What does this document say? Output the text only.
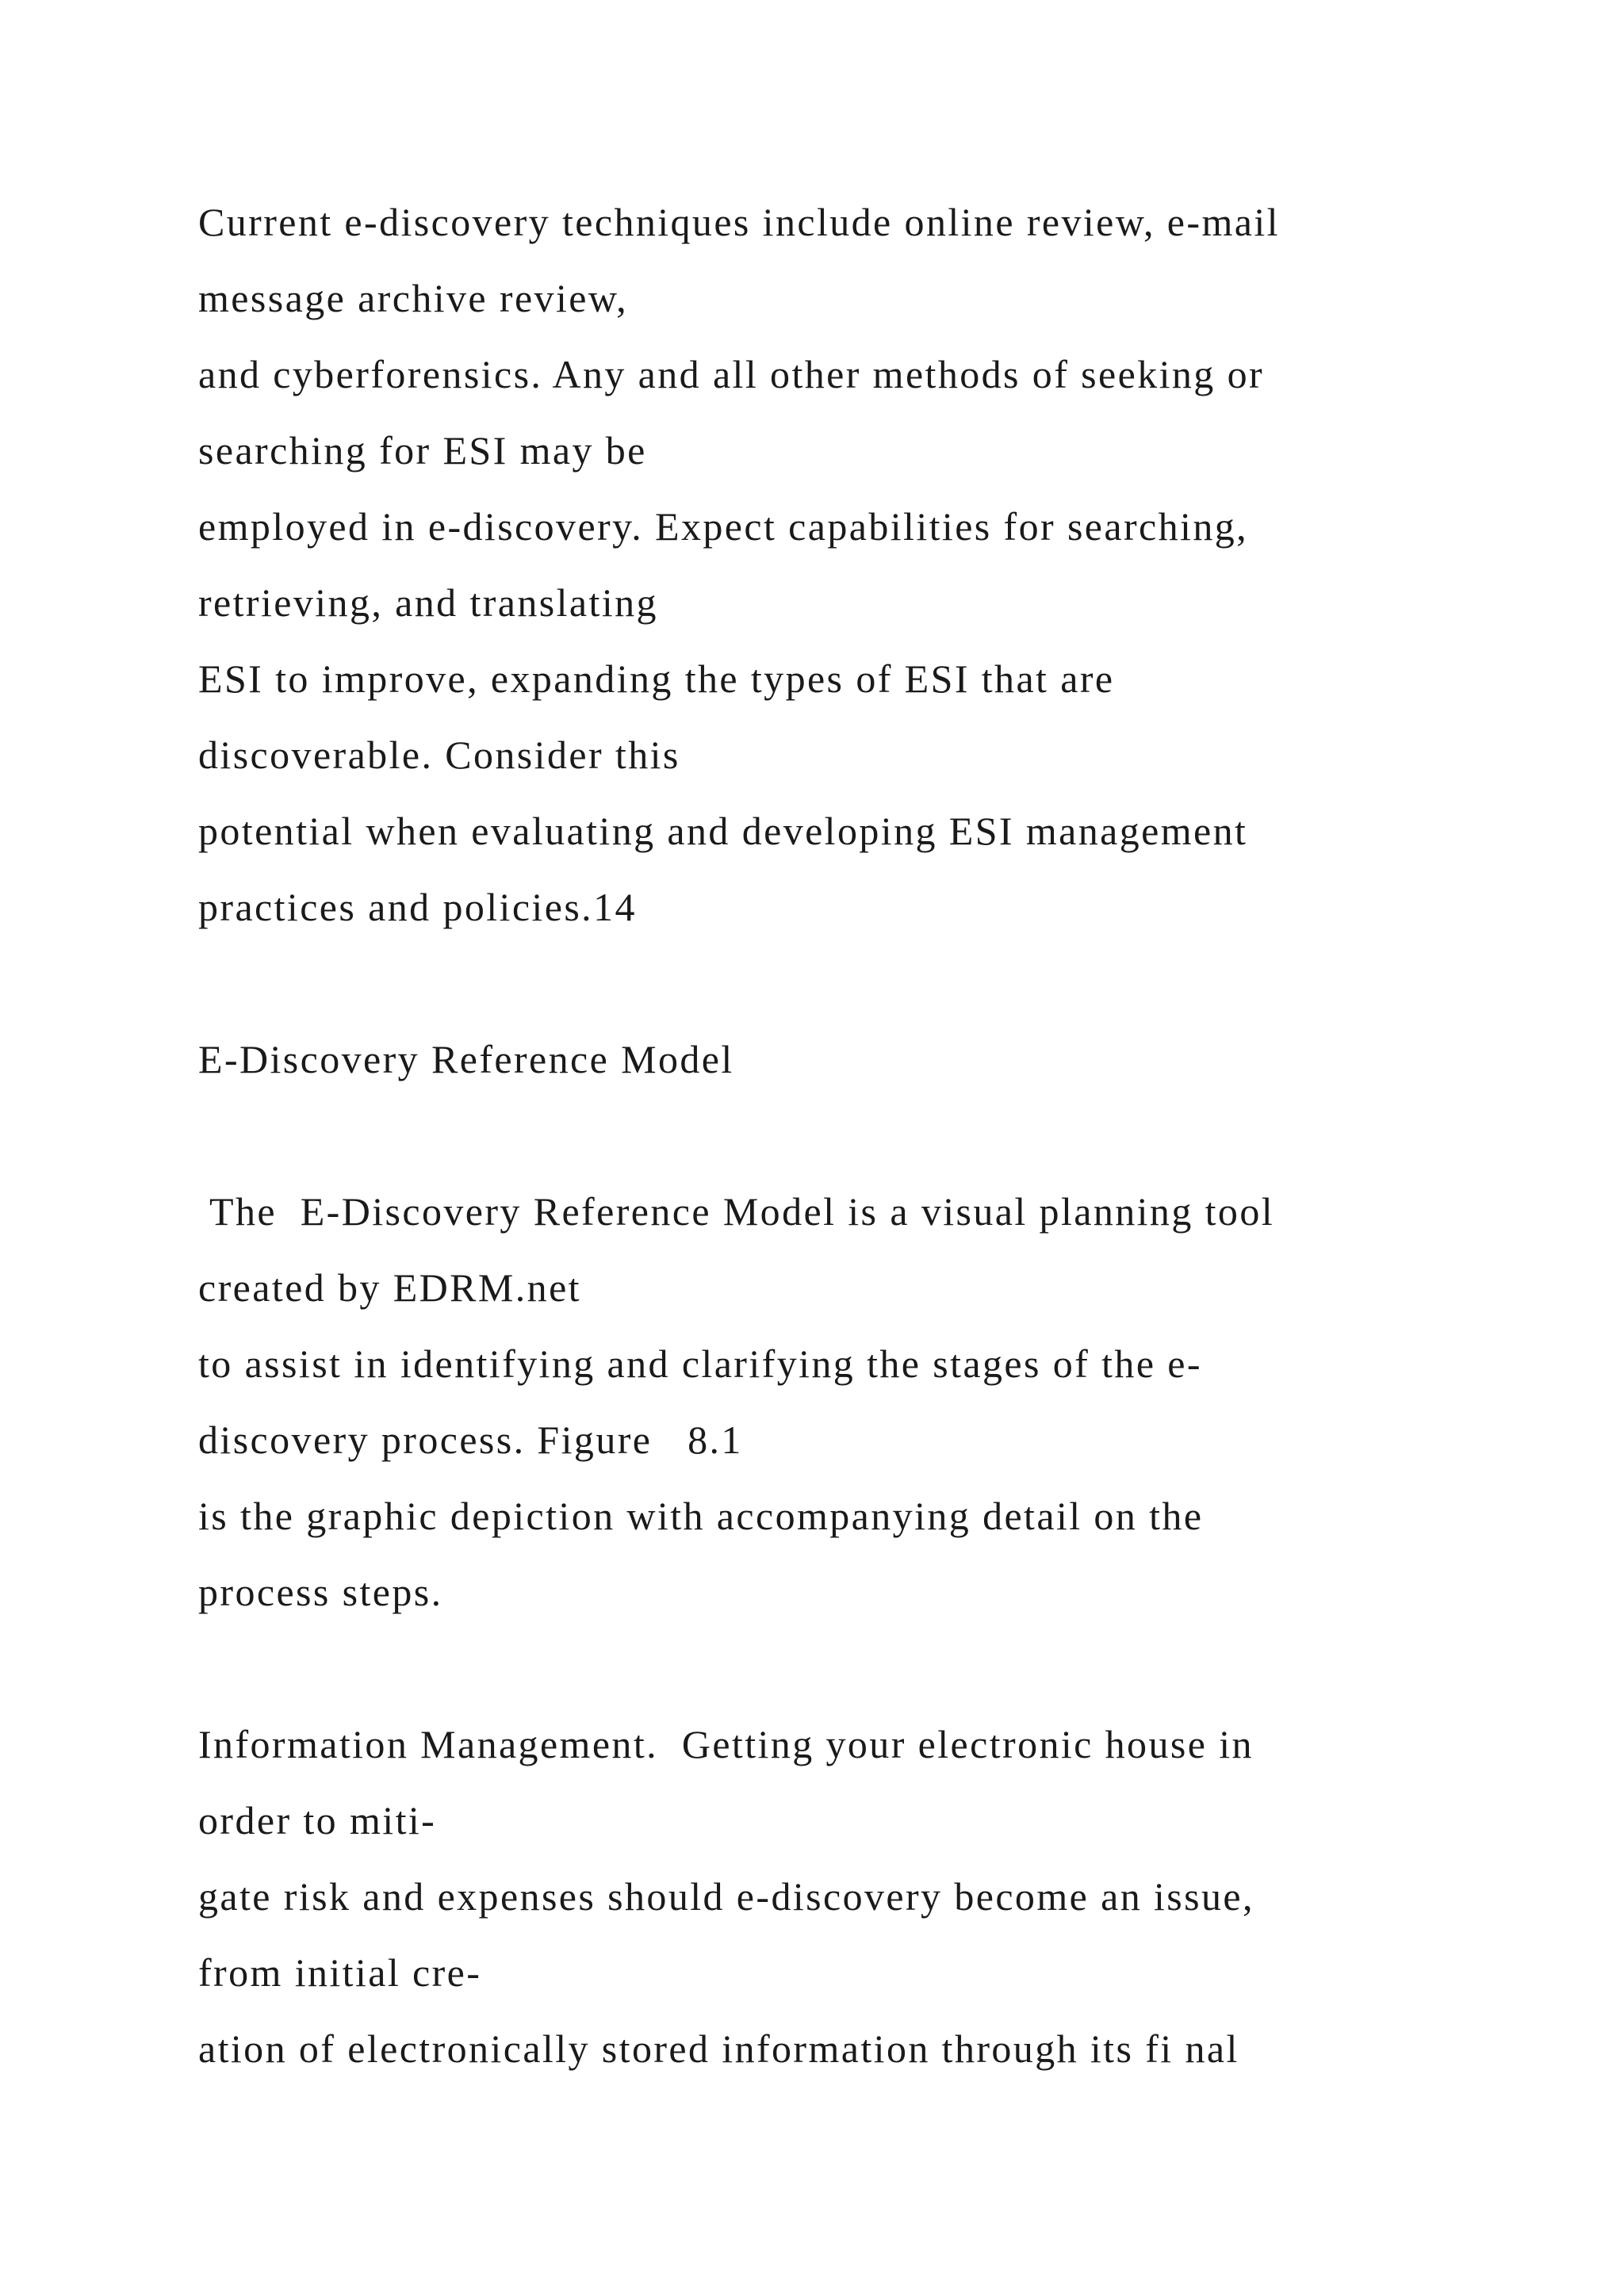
Current e-discovery techniques include online review, e-mail
message archive review,
and cyberforensics. Any and all other methods of seeking or
searching for ESI may be
employed in e-discovery. Expect capabilities for searching,
retrieving, and translating
ESI to improve, expanding the types of ESI that are
discoverable. Consider this
potential when evaluating and developing ESI management
practices and policies.14
E-Discovery Reference Model
The  E-Discovery Reference Model is a visual planning tool
created by EDRM.net
to assist in identifying and clarifying the stages of the e-
discovery process. Figure   8.1
is the graphic depiction with accompanying detail on the
process steps.
Information Management.  Getting your electronic house in
order to miti-
gate risk and expenses should e-discovery become an issue,
from initial cre-
ation of electronically stored information through its fi nal
